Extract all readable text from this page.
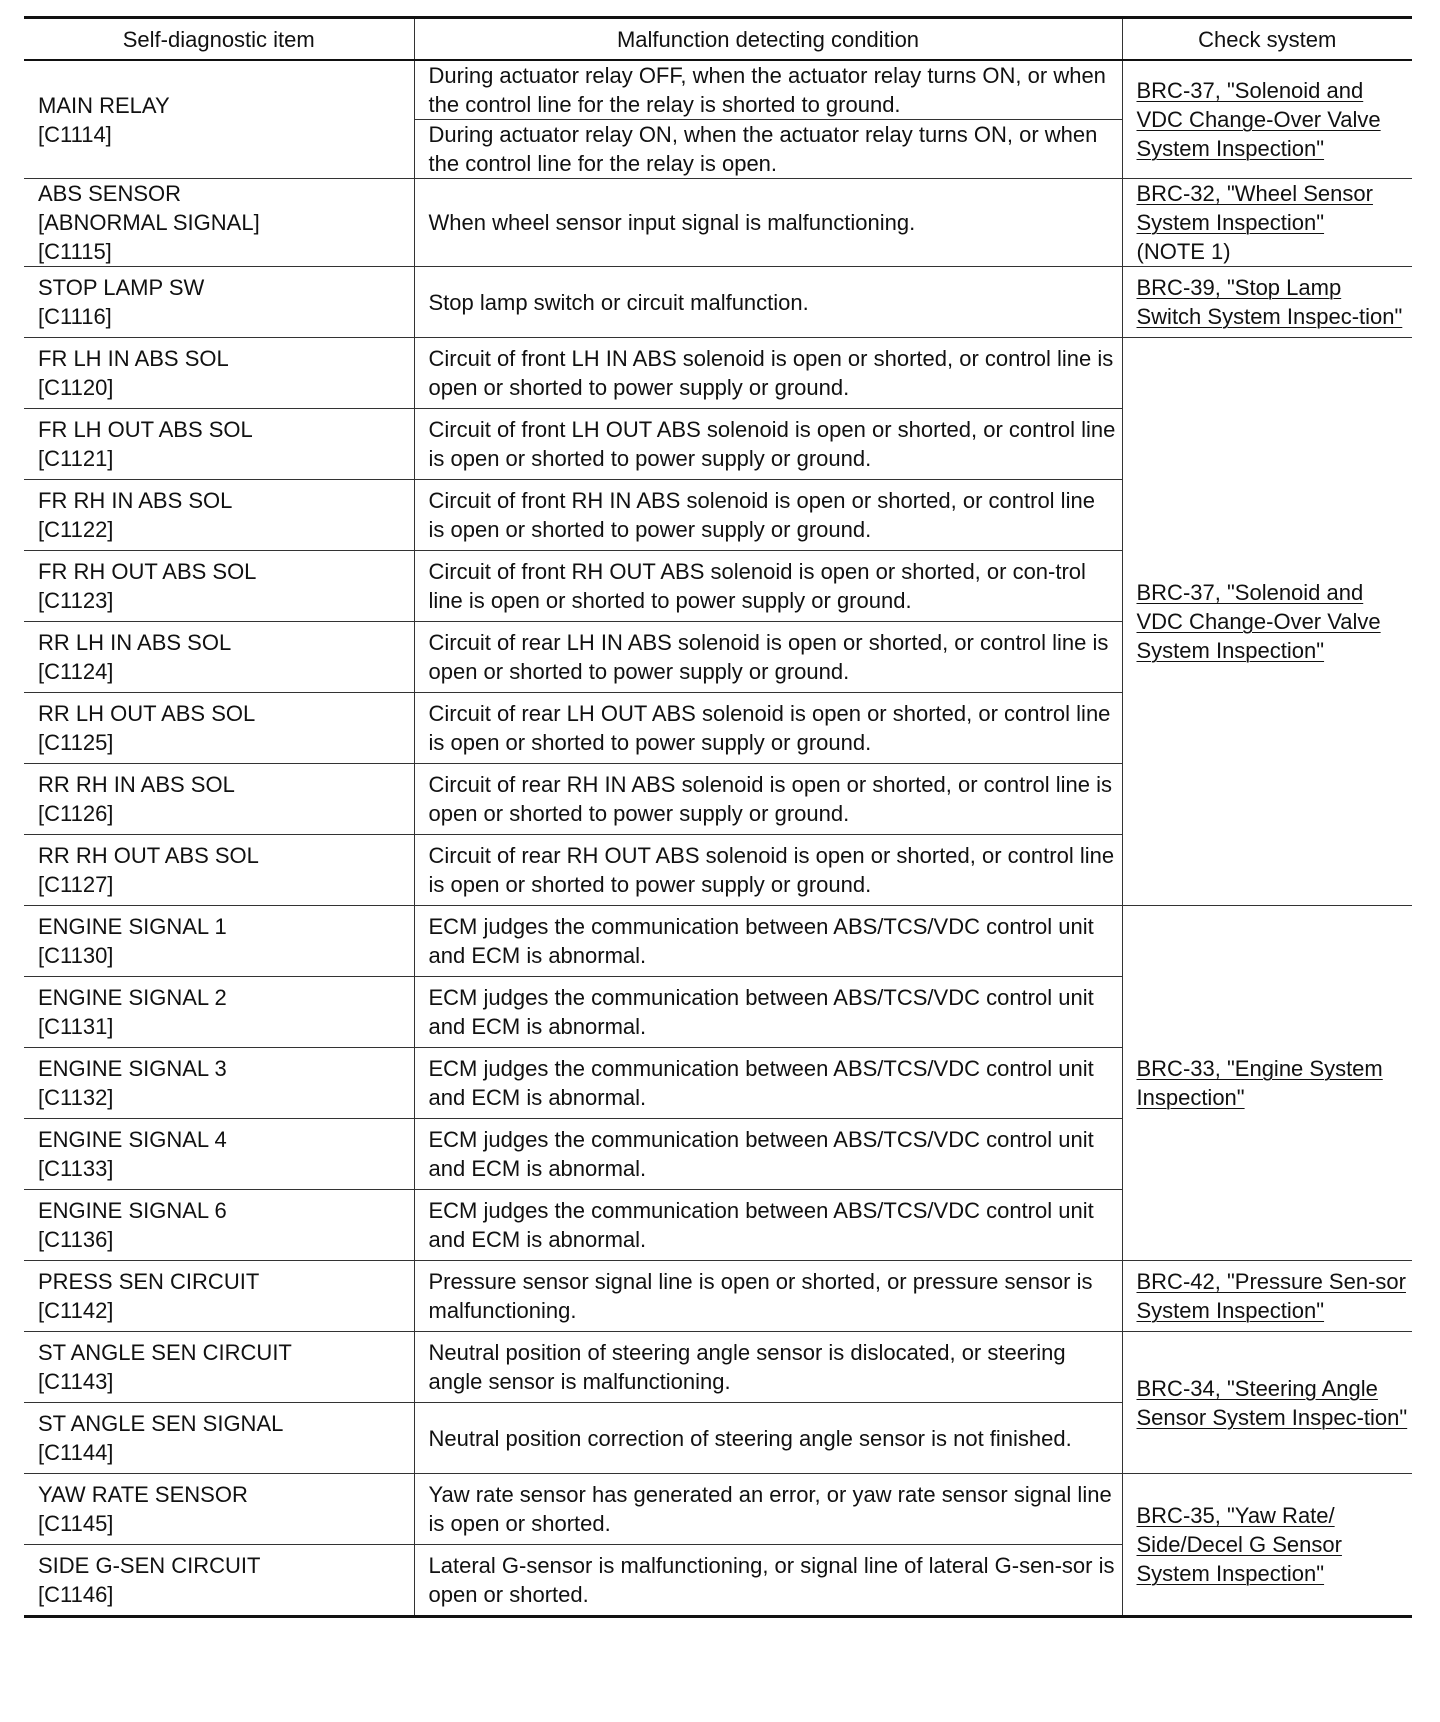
Self-diagnostic item	Malfunction detecting condition	Check system
MAIN RELAY
[C1114]	During actuator relay OFF, when the actuator relay turns ON, or when the control line for the relay is shorted to ground.	BRC-37, "Solenoid and VDC Change-Over Valve System Inspection"
	During actuator relay ON, when the actuator relay turns ON, or when the control line for the relay is open.	
ABS SENSOR
[ABNORMAL SIGNAL]
[C1115]	When wheel sensor input signal is malfunctioning.	BRC-32, "Wheel Sensor System Inspection"
(NOTE 1)

STOP LAMP SW
[C1116]	Stop lamp switch or circuit malfunction.	BRC-39, "Stop Lamp Switch System Inspec-tion"
FR LH IN ABS SOL
[C1120]	Circuit of front LH IN ABS solenoid is open or shorted, or control line is open or shorted to power supply or ground.	BRC-37, "Solenoid and VDC Change-Over Valve System Inspection"
FR LH OUT ABS SOL
[C1121]	Circuit of front LH OUT ABS solenoid is open or shorted, or control line is open or shorted to power supply or ground.	
FR RH IN ABS SOL
[C1122]	Circuit of front RH IN ABS solenoid is open or shorted, or control line is open or shorted to power supply or ground.	
FR RH OUT ABS SOL
[C1123]	Circuit of front RH OUT ABS solenoid is open or shorted, or con-trol line is open or shorted to power supply or ground.	
RR LH IN ABS SOL
[C1124]	Circuit of rear LH IN ABS solenoid is open or shorted, or control line is open or shorted to power supply or ground.	
RR LH OUT ABS SOL
[C1125]	Circuit of rear LH OUT ABS solenoid is open or shorted, or control line is open or shorted to power supply or ground.	
RR RH IN ABS SOL
[C1126]	Circuit of rear RH IN ABS solenoid is open or shorted, or control line is open or shorted to power supply or ground.	
RR RH OUT ABS SOL
[C1127]	Circuit of rear RH OUT ABS solenoid is open or shorted, or control line is open or shorted to power supply or ground.	
ENGINE SIGNAL 1
[C1130]	ECM judges the communication between ABS/TCS/VDC control unit and ECM is abnormal.	BRC-33, "Engine System Inspection"
ENGINE SIGNAL 2
[C1131]	ECM judges the communication between ABS/TCS/VDC control unit and ECM is abnormal.	
ENGINE SIGNAL 3
[C1132]	ECM judges the communication between ABS/TCS/VDC control unit and ECM is abnormal.	
ENGINE SIGNAL 4
[C1133]	ECM judges the communication between ABS/TCS/VDC control unit and ECM is abnormal.	
ENGINE SIGNAL 6
[C1136]	ECM judges the communication between ABS/TCS/VDC control unit and ECM is abnormal.	
PRESS SEN CIRCUIT
[C1142]	Pressure sensor signal line is open or shorted, or pressure sensor is malfunctioning.	BRC-42, "Pressure Sen-sor System Inspection"
ST ANGLE SEN CIRCUIT
[C1143]	Neutral position of steering angle sensor is dislocated, or steering angle sensor is malfunctioning.	BRC-34, "Steering Angle Sensor System Inspec-tion"
ST ANGLE SEN SIGNAL
[C1144]	Neutral position correction of steering angle sensor is not finished.	
YAW RATE SENSOR
[C1145]	Yaw rate sensor has generated an error, or yaw rate sensor signal line is open or shorted.	BRC-35, "Yaw Rate/ Side/Decel G Sensor System Inspection"
SIDE G-SEN CIRCUIT
[C1146]	Lateral G-sensor is malfunctioning, or signal line of lateral G-sen-sor is open or shorted.	
